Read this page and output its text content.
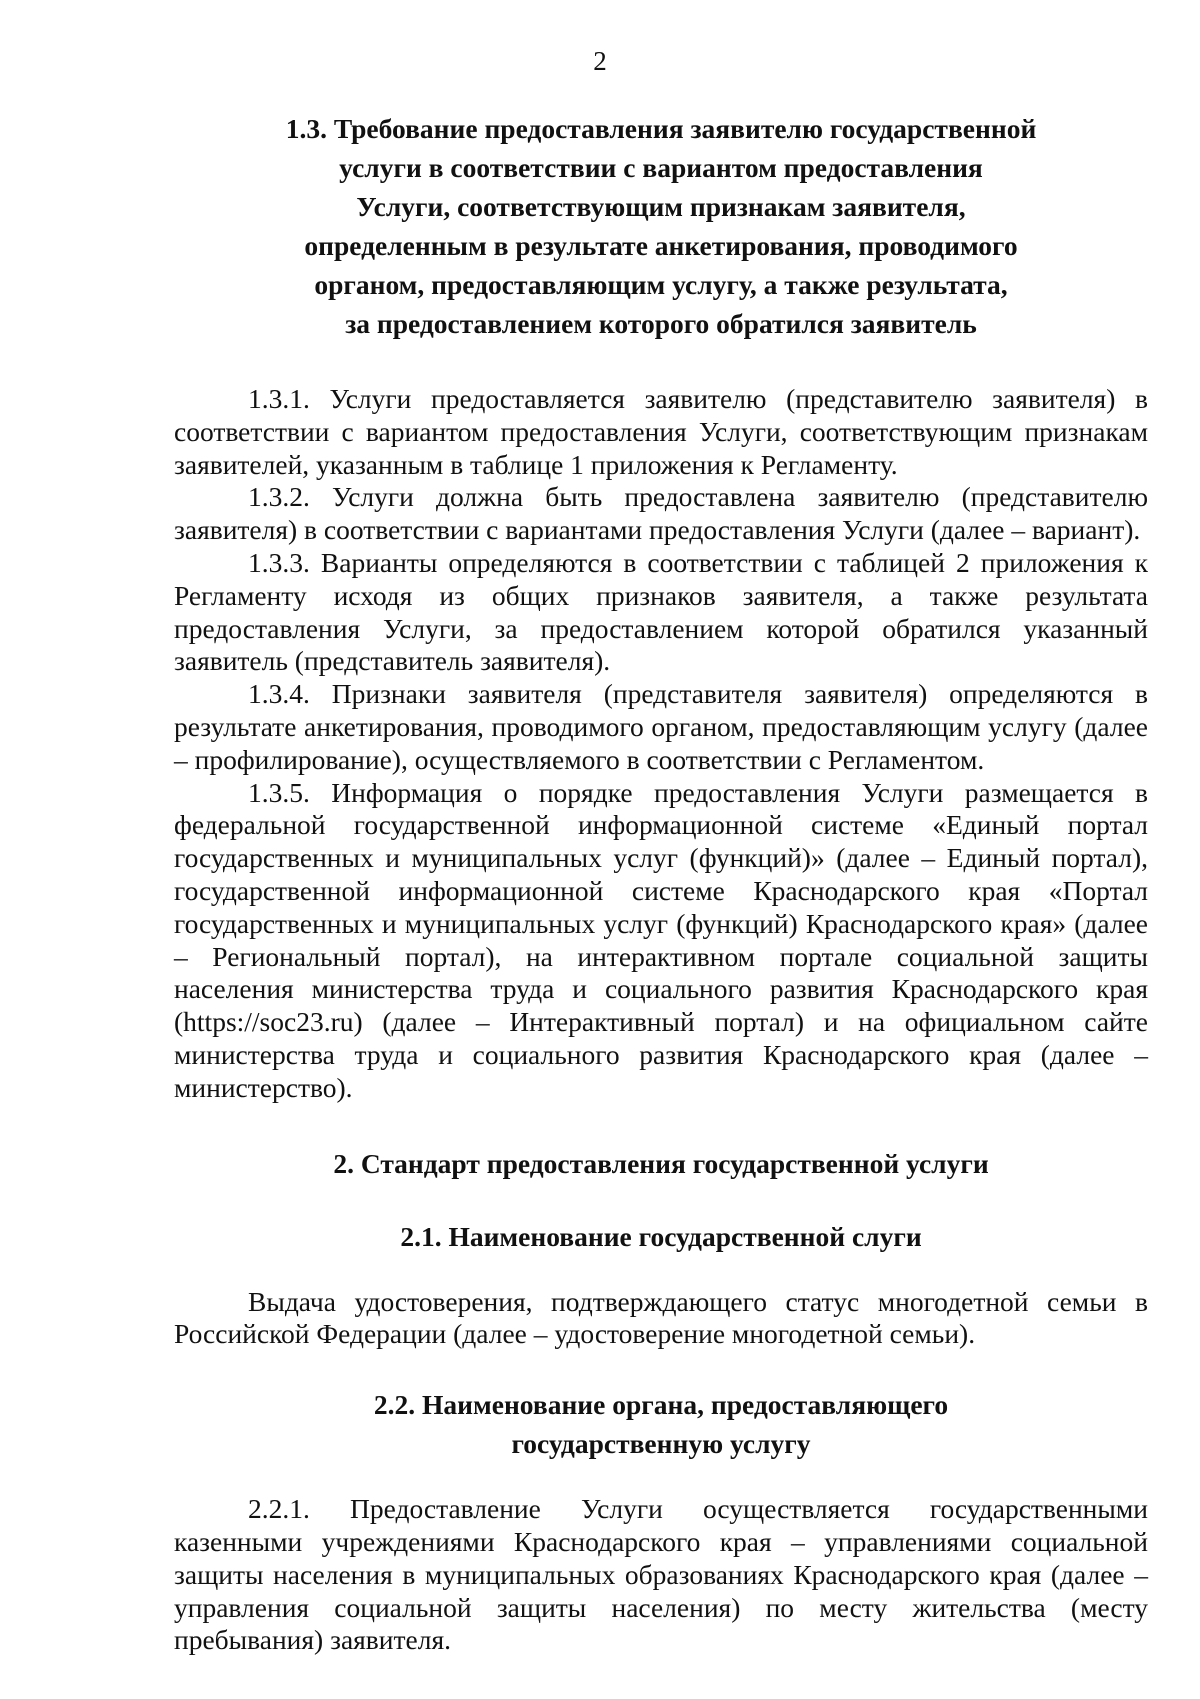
2
1.3. Требование предоставления заявителю государственной
услуги в соответствии с вариантом предоставления
Услуги, соответствующим признакам заявителя,
определенным в результате анкетирования, проводимого
органом, предоставляющим услугу, а также результата,
за предоставлением которого обратился заявитель

1.3.1. Услуги предоставляется заявителю (представителю заявителя) в соответствии с вариантом предоставления Услуги, соответствующим признакам заявителей, указанным в таблице 1 приложения к Регламенту.

1.3.2. Услуги должна быть предоставлена заявителю (представителю заявителя) в соответствии с вариантами предоставления Услуги (далее – вариант).

1.3.3. Варианты определяются в соответствии с таблицей 2 приложения к Регламенту исходя из общих признаков заявителя, а также результата предоставления Услуги, за предоставлением которой обратился указанный заявитель (представитель заявителя).

1.3.4. Признаки заявителя (представителя заявителя) определяются в результате анкетирования, проводимого органом, предоставляющим услугу (далее – профилирование), осуществляемого в соответствии с Регламентом.

1.3.5. Информация о порядке предоставления Услуги размещается в федеральной государственной информационной системе «Единый портал государственных и муниципальных услуг (функций)» (далее – Единый портал), государственной информационной системе Краснодарского края «Портал государственных и муниципальных услуг (функций) Краснодарского края» (далее – Региональный портал), на интерактивном портале социальной защиты населения министерства труда и социального развития Краснодарского края (https://soc23.ru) (далее – Интерактивный портал) и на официальном сайте министерства труда и социального развития Краснодарского края (далее – министерство).

2. Стандарт предоставления государственной услуги
2.1. Наименование государственной слуги

Выдача удостоверения, подтверждающего статус многодетной семьи в Российской Федерации (далее – удостоверение многодетной семьи).

2.2. Наименование органа, предоставляющего
государственную услугу

2.2.1. Предоставление Услуги осуществляется государственными казенными учреждениями Краснодарского края – управлениями социальной защиты населения в муниципальных образованиях Краснодарского края (далее – управления социальной защиты населения) по месту жительства (месту пребывания) заявителя.
